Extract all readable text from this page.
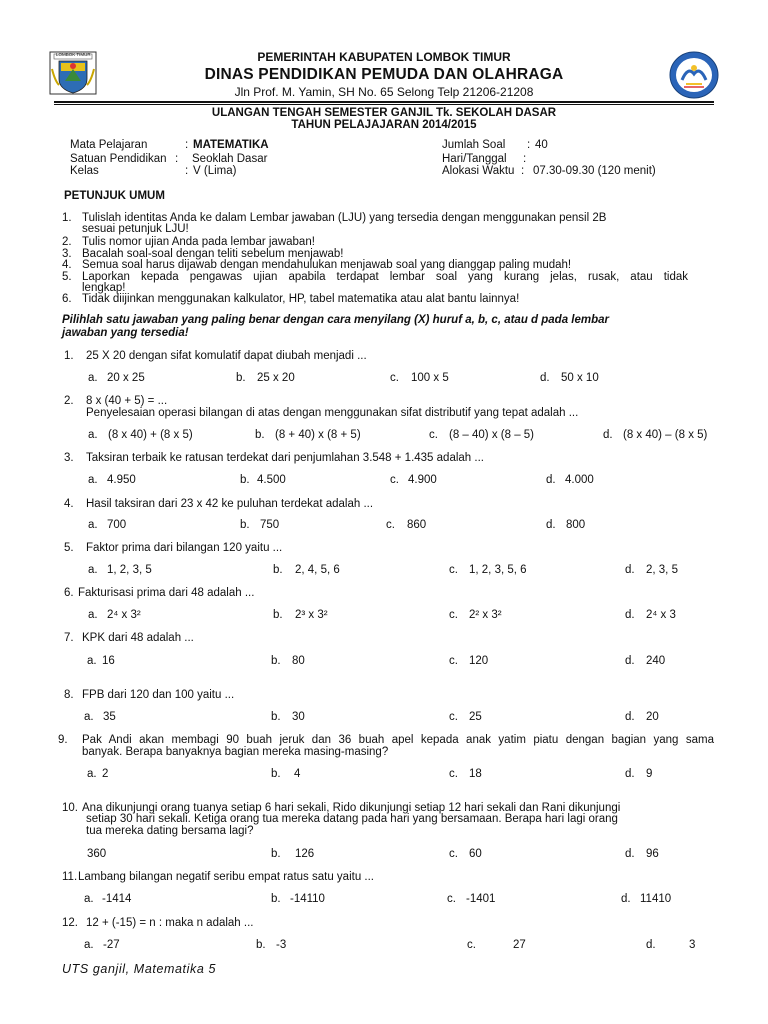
LOMBOK TIMUR	PEMERINTAH KABUPATEN LOMBOK TIMUR
DINAS PENDIDIKAN PEMUDA DAN OLAHRAGA
Jln Prof. M. Yamin, SH No. 65 Selong Telp 21206-21208
ULANGAN TENGAH SEMESTER GANJIL Tk. SEKOLAH DASAR
TAHUN PELAJAJARAN 2014/2015
Mata Pelajaran	: MATEMATIKA
Satuan Pendidikan : Seoklah Dasar
Kelas	: V (Lima)
Jumlah Soal : 40
Hari/Tanggal :
Alokasi Waktu : 07.30-09.30 (120 menit)
PETUNJUK UMUM
1. Tulislah identitas Anda ke dalam Lembar jawaban (LJU) yang tersedia dengan menggunakan pensil 2B
sesuai petunjuk LJU!
2. Tulis nomor ujian Anda pada lembar jawaban!
3. Bacalah soal-soal dengan teliti sebelum menjawab!
4. Semua soal harus dijawab dengan mendahulukan menjawab soal yang dianggap paling mudah!
5. Laporkan kepada pengawas ujian apabila terdapat lembar soal yang kurang jelas, rusak, atau tidak
lengkap!
6. Tidak diijinkan menggunakan kalkulator, HP, tabel matematika atau alat bantu lainnya!
Pilihlah satu jawaban yang paling benar dengan cara menyilang (X) huruf a, b, c, atau d pada lembar
jawaban yang tersedia!
1. 25 X 20 dengan sifat komulatif dapat diubah menjadi ...
a. 20 x 25	b. 25 x 20	c. 100 x 5	d. 50 x 10
2. 8 x (40 + 5) = ...
Penyelesaian operasi bilangan di atas dengan menggunakan sifat distributif yang tepat adalah ...
a. (8 x 40) + (8 x 5)	b. (8 + 40) x (8 + 5)	c. (8 – 40) x (8 – 5)	d. (8 x 40) – (8 x 5)
3. Taksiran terbaik ke ratusan terdekat dari penjumlahan 3.548 + 1.435 adalah ...
a. 4.950	b. 4.500	c. 4.900	d. 4.000
4. Hasil taksiran dari 23 x 42 ke puluhan terdekat adalah ...
a. 700	b. 750	c. 860	d. 800
5. Faktor prima dari bilangan 120 yaitu ...
a. 1, 2, 3, 5	b. 2, 4, 5, 6	c. 1, 2, 3, 5, 6	d. 2, 3, 5
6. Fakturisasi prima dari 48 adalah ...
a. 2⁴ x 3²	b. 2³ x 3²	c. 2² x 3²	d. 2⁴ x 3
7. KPK dari 48 adalah ...
a. 16	b. 80	c. 120	d. 240
8. FPB dari 120 dan 100 yaitu ...
a. 35	b. 30	c. 25	d. 20
9. Pak Andi akan membagi 90 buah jeruk dan 36 buah apel kepada anak yatim piatu dengan bagian yang sama
banyak. Berapa banyaknya bagian mereka masing-masing?
a. 2	b. 4	c. 18	d. 9
10. Ana dikunjungi orang tuanya setiap 6 hari sekali, Rido dikunjungi setiap 12 hari sekali dan Rani dikunjungi
setiap 30 hari sekali. Ketiga orang tua mereka datang pada hari yang bersamaan. Berapa hari lagi orang
tua mereka dating bersama lagi?
360	b. 126	c. 60	d. 96
11. Lambang bilangan negatif seribu empat ratus satu yaitu ...
a. -1414	b. -14110	c. -1401	d. 11410
12. 12 + (-15) = n : maka n adalah ...
a. -27	b. -3	c.	27	d.	3
UTS ganjil, Matematika 5
